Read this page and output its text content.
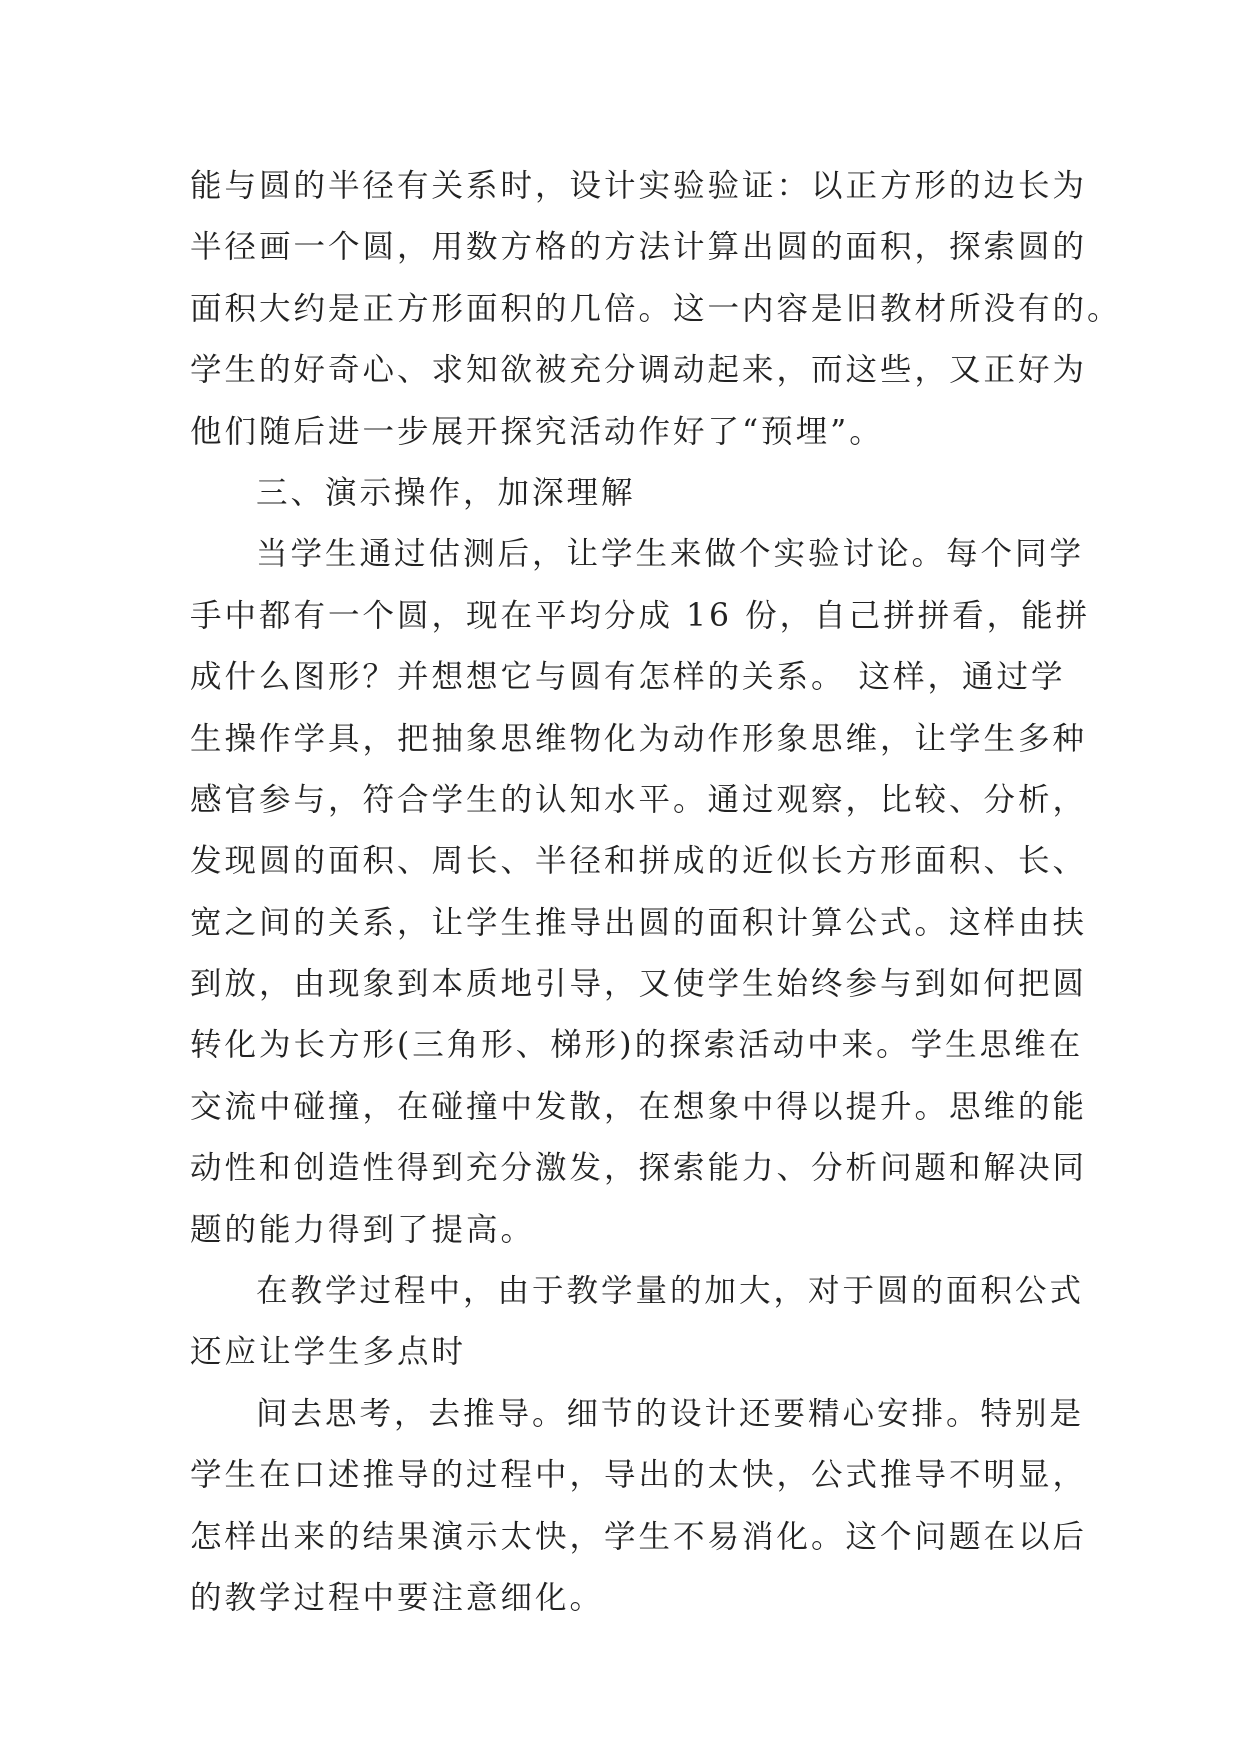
能与圆的半径有关系时，设计实验验证：以正方形的边长为
半径画一个圆，用数方格的方法计算出圆的面积，探索圆的
面积大约是正方形面积的几倍。这一内容是旧教材所没有的。
学生的好奇心、求知欲被充分调动起来，而这些，又正好为
他们随后进一步展开探究活动作好了“预埋”。
三、演示操作，加深理解
当学生通过估测后，让学生来做个实验讨论。每个同学
手中都有一个圆，现在平均分成 16 份，自己拼拼看，能拼
成什么图形？并想想它与圆有怎样的关系。 这样，通过学
生操作学具，把抽象思维物化为动作形象思维，让学生多种
感官参与，符合学生的认知水平。通过观察，比较、分析，
发现圆的面积、周长、半径和拼成的近似长方形面积、长、
宽之间的关系，让学生推导出圆的面积计算公式。这样由扶
到放，由现象到本质地引导，又使学生始终参与到如何把圆
转化为长方形(三角形、梯形)的探索活动中来。学生思维在
交流中碰撞，在碰撞中发散，在想象中得以提升。思维的能
动性和创造性得到充分激发，探索能力、分析问题和解决同
题的能力得到了提高。
在教学过程中，由于教学量的加大，对于圆的面积公式
还应让学生多点时
间去思考，去推导。细节的设计还要精心安排。特别是
学生在口述推导的过程中，导出的太快，公式推导不明显，
怎样出来的结果演示太快，学生不易消化。这个问题在以后
的教学过程中要注意细化。
